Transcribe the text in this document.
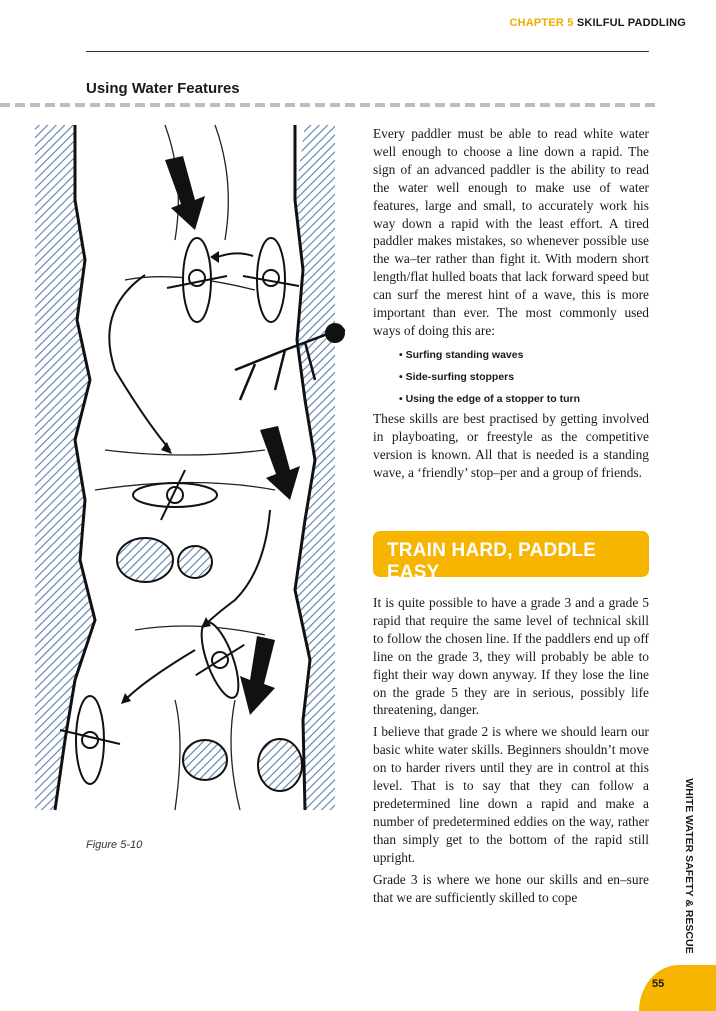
CHAPTER 5 SKILFUL PADDLING
Using Water Features
Figure 5-10

Every paddler must be able to read white water well enough to choose a line down a rapid. The sign of an advanced paddler is the ability to read the water well enough to make use of water features, large and small, to accurately work his way down a rapid with the least effort. A tired paddler makes mistakes, so whenever possible use the wa–ter rather than fight it. With modern short length/flat hulled boats that lack forward speed but can surf the merest hint of a wave, this is more important than ever. The most commonly used ways of doing this are:

• Surfing standing waves
• Side-surfing stoppers
• Using the edge of a stopper to turn

These skills are best practised by getting involved in playboating, or freestyle as the competitive version is known. All that is needed is a standing wave, a ‘friendly’ stop–per and a group of friends.

TRAIN HARD, PADDLE EASY

It is quite possible to have a grade 3 and a grade 5 rapid that require the same level of technical skill to follow the chosen line. If the paddlers end up off line on the grade 3, they will probably be able to fight their way down anyway. If they lose the line on the grade 5 they are in serious, possibly life threatening, danger.

I believe that grade 2 is where we should learn our basic white water skills. Beginners shouldn’t move on to harder rivers until they are in control at this level. That is to say that they can follow a predetermined line down a rapid and make a number of predetermined eddies on the way, rather than simply get to the bottom of the rapid still upright.

Grade 3 is where we hone our skills and en–sure that we are sufficiently skilled to cope	WHITE WATER SAFETY & RESCUE
55
